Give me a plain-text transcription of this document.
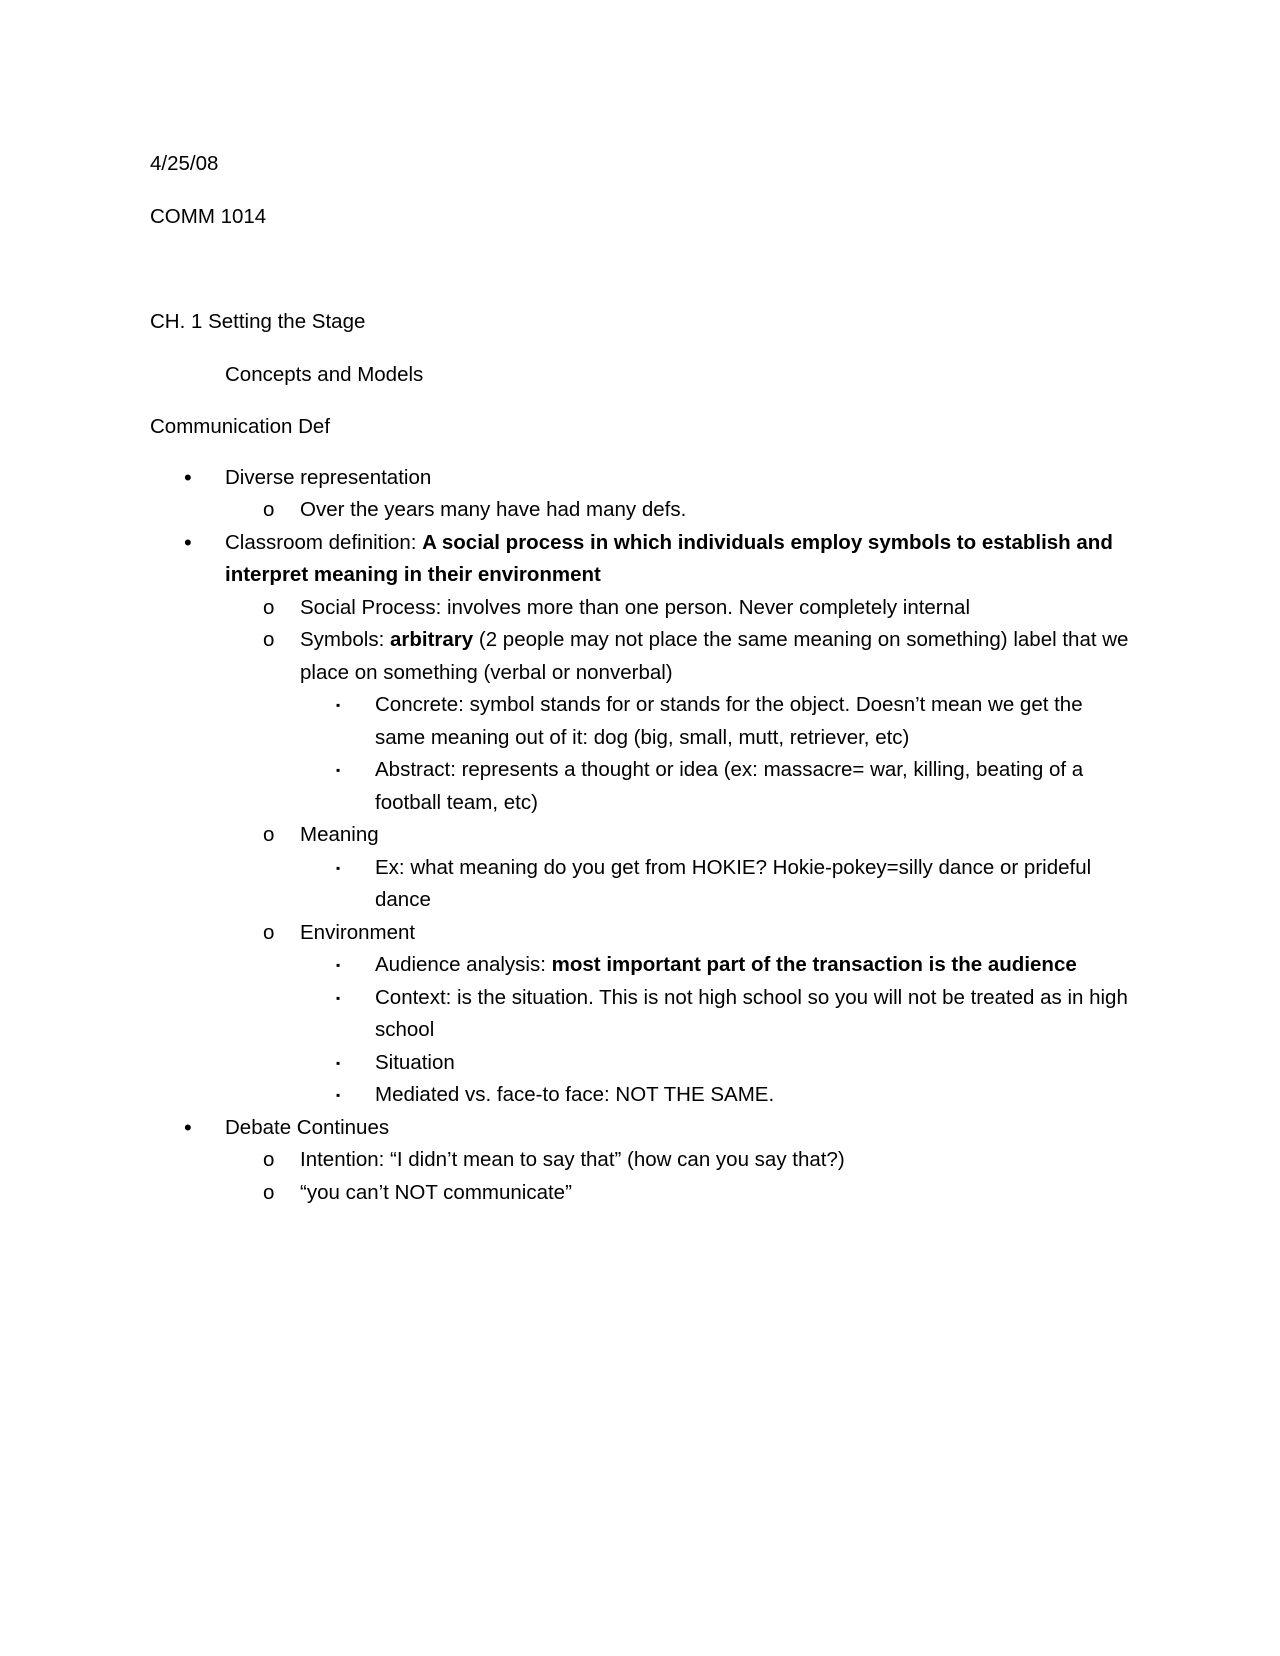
4/25/08

COMM 1014

CH. 1 Setting the Stage

Concepts and Models

Communication Def

• Diverse representation
o Over the years many have had many defs.
• Classroom definition: A social process in which individuals employ symbols to establish and interpret meaning in their environment
o Social Process: involves more than one person. Never completely internal
o Symbols: arbitrary (2 people may not place the same meaning on something) label that we place on something (verbal or nonverbal)
▪ Concrete: symbol stands for or stands for the object. Doesn’t mean we get the same meaning out of it: dog (big, small, mutt, retriever, etc)
▪ Abstract: represents a thought or idea (ex: massacre= war, killing, beating of a football team, etc)
o Meaning
▪ Ex: what meaning do you get from HOKIE? Hokie-pokey=silly dance or prideful dance
o Environment
▪ Audience analysis: most important part of the transaction is the audience
▪ Context: is the situation. This is not high school so you will not be treated as in high school
▪ Situation
▪ Mediated vs. face-to face: NOT THE SAME.
• Debate Continues
o Intention: “I didn’t mean to say that” (how can you say that?)
o “you can’t NOT communicate”
